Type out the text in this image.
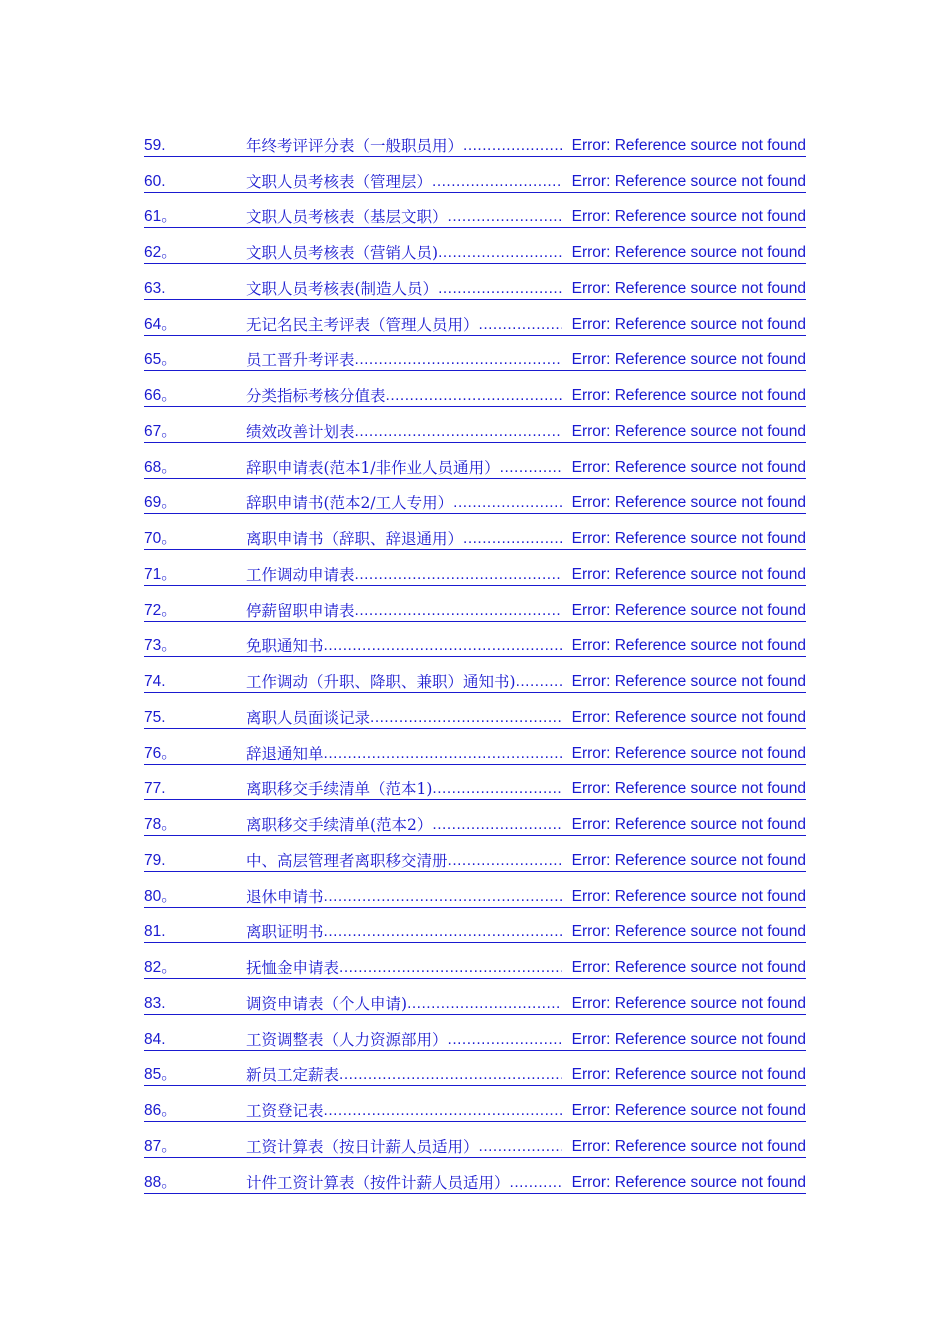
59.	年终考评评分表（一般职员用） .....	Error: Reference source not found
60.	文职人员考核表（管理层） .....	Error: Reference source not found
61。	文职人员考核表（基层文职） .....	Error: Reference source not found
62。	文职人员考核表（营销人员) .....	Error: Reference source not found
63.	文职人员考核表(制造人员） .....	Error: Reference source not found
64。	无记名民主考评表（管理人员用） .....	Error: Reference source not found
65。	员工晋升考评表 .....	Error: Reference source not found
66。	分类指标考核分值表 .....	Error: Reference source not found
67。	绩效改善计划表 .....	Error: Reference source not found
68。	辞职申请表(范本1/非作业人员通用） .....	Error: Reference source not found
69。	辞职申请书(范本2/工人专用） .....	Error: Reference source not found
70。	离职申请书（辞职、辞退通用） .....	Error: Reference source not found
71。	工作调动申请表 .....	Error: Reference source not found
72。	停薪留职申请表 .....	Error: Reference source not found
73。	免职通知书 .....	Error: Reference source not found
74.	工作调动（升职、降职、兼职）通知书) .....	Error: Reference source not found
75.	离职人员面谈记录 .....	Error: Reference source not found
76。	辞退通知单 .....	Error: Reference source not found
77.	离职移交手续清单（范本1) .....	Error: Reference source not found
78。	离职移交手续清单(范本2） .....	Error: Reference source not found
79.	中、高层管理者离职移交清册 .....	Error: Reference source not found
80。	退休申请书 .....	Error: Reference source not found
81.	离职证明书 .....	Error: Reference source not found
82。	抚恤金申请表 .....	Error: Reference source not found
83.	调资申请表（个人申请) .....	Error: Reference source not found
84.	工资调整表（人力资源部用） .....	Error: Reference source not found
85。	新员工定薪表 .....	Error: Reference source not found
86。	工资登记表 .....	Error: Reference source not found
87。	工资计算表（按日计薪人员适用） .....	Error: Reference source not found
88。	计件工资计算表（按件计薪人员适用） .....	Error: Reference source not found
